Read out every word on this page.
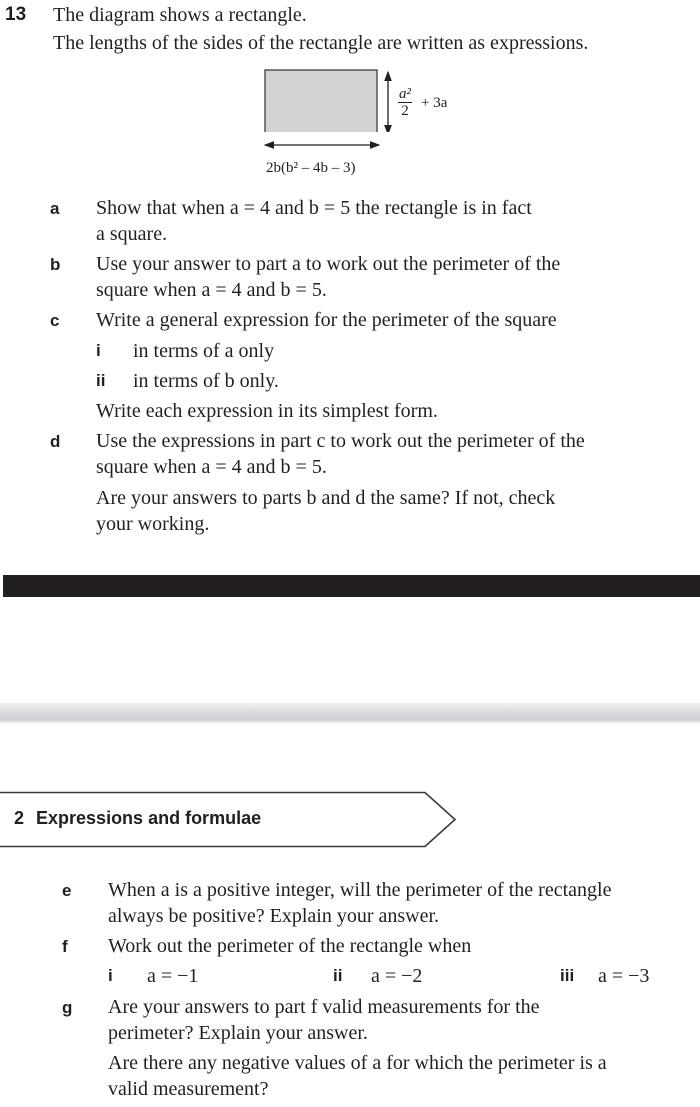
13 The diagram shows a rectangle.
The lengths of the sides of the rectangle are written as expressions.
$\frac{\text{a²}}{2} + 3a$
2b(b² – 4b – 3)
a Show that when a = 4 and b = 5 the rectangle is in fact
a square.
b Use your answer to part a to work out the perimeter of the
square when a = 4 and b = 5.
c Write a general expression for the perimeter of the square
i in terms of a only
ii in terms of b only.
Write each expression in its simplest form.
d Use the expressions in part c to work out the perimeter of the
square when a = 4 and b = 5.
Are your answers to parts b and d the same? If not, check
your working.
2 Expressions and formulae
e When a is a positive integer, will the perimeter of the rectangle
always be positive? Explain your answer.
f Work out the perimeter of the rectangle when
i a = −1	ii a = −2	iii a = −3
g Are your answers to part f valid measurements for the
perimeter? Explain your answer.
Are there any negative values of a for which the perimeter is a
valid measurement?
